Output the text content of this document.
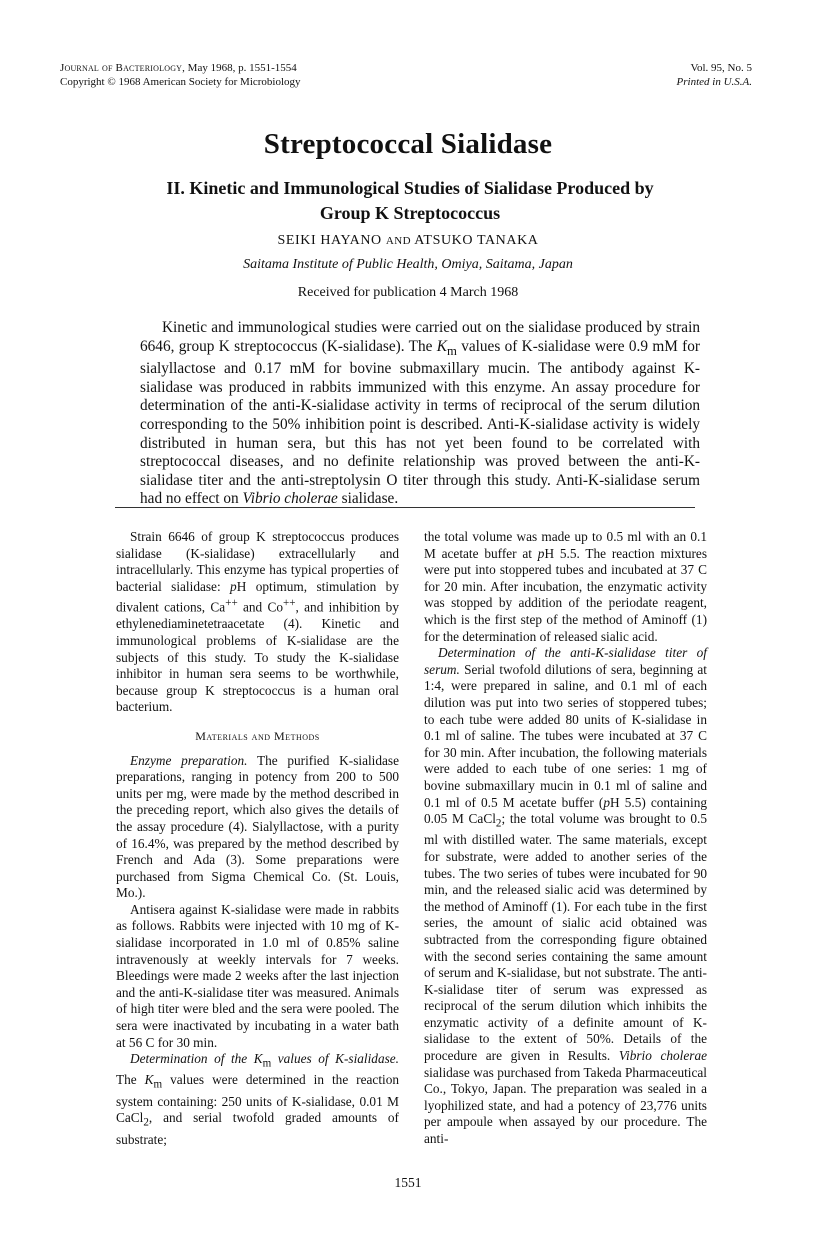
Journal of Bacteriology, May 1968, p. 1551-1554
Copyright © 1968 American Society for Microbiology
Vol. 95, No. 5
Printed in U.S.A.
Streptococcal Sialidase
II. Kinetic and Immunological Studies of Sialidase Produced by Group K Streptococcus
SEIKI HAYANO AND ATSUKO TANAKA
Saitama Institute of Public Health, Omiya, Saitama, Japan
Received for publication 4 March 1968

Kinetic and immunological studies were carried out on the sialidase produced by strain 6646, group K streptococcus (K-sialidase). The $K_m$ values of K-sialidase were 0.9 mM for sialyllactose and 0.17 mM for bovine submaxillary mucin. The antibody against K-sialidase was produced in rabbits immunized with this enzyme. An assay procedure for determination of the anti-K-sialidase activity in terms of reciprocal of the serum dilution corresponding to the 50% inhibition point is described. Anti-K-sialidase activity is widely distributed in human sera, but this has not yet been found to be correlated with streptococcal diseases, and no definite relationship was proved between the anti-K-sialidase titer and the anti-streptolysin O titer through this study. Anti-K-sialidase serum had no effect on Vibrio cholerae sialidase.

Strain 6646 of group K streptococcus produces sialidase (K-sialidase) extracellularly and intracellularly. This enzyme has typical properties of bacterial sialidase: pH optimum, stimulation by divalent cations, Ca++ and Co++, and inhibition by ethylenediaminetetraacetate (4). Kinetic and immunological problems of K-sialidase are the subjects of this study. To study the K-sialidase inhibitor in human sera seems to be worthwhile, because group K streptococcus is a human oral bacterium.

Materials and Methods

Enzyme preparation. The purified K-sialidase preparations, ranging in potency from 200 to 500 units per mg, were made by the method described in the preceding report, which also gives the details of the assay procedure (4). Sialyllactose, with a purity of 16.4%, was prepared by the method described by French and Ada (3). Some preparations were purchased from Sigma Chemical Co. (St. Louis, Mo.).

Antisera against K-sialidase were made in rabbits as follows. Rabbits were injected with 10 mg of K-sialidase incorporated in 1.0 ml of 0.85% saline intravenously at weekly intervals for 7 weeks. Bleedings were made 2 weeks after the last injection and the anti-K-sialidase titer was measured. Animals of high titer were bled and the sera were pooled. The sera were inactivated by incubating in a water bath at 56 C for 30 min.

Determination of the $K_m$ values of K-sialidase. The $K_m$ values were determined in the reaction system containing: 250 units of K-sialidase, 0.01 M CaCl$_2$, and serial twofold graded amounts of substrate;

the total volume was made up to 0.5 ml with an 0.1 M acetate buffer at pH 5.5. The reaction mixtures were put into stoppered tubes and incubated at 37 C for 20 min. After incubation, the enzymatic activity was stopped by addition of the periodate reagent, which is the first step of the method of Aminoff (1) for the determination of released sialic acid.

Determination of the anti-K-sialidase titer of serum. Serial twofold dilutions of sera, beginning at 1:4, were prepared in saline, and 0.1 ml of each dilution was put into two series of stoppered tubes; to each tube were added 80 units of K-sialidase in 0.1 ml of saline. The tubes were incubated at 37 C for 30 min. After incubation, the following materials were added to each tube of one series: 1 mg of bovine submaxillary mucin in 0.1 ml of saline and 0.1 ml of 0.5 M acetate buffer (pH 5.5) containing 0.05 M CaCl$_2$; the total volume was brought to 0.5 ml with distilled water. The same materials, except for substrate, were added to another series of the tubes. The two series of tubes were incubated for 90 min, and the released sialic acid was determined by the method of Aminoff (1). For each tube in the first series, the amount of sialic acid obtained was subtracted from the corresponding figure obtained with the second series containing the same amount of serum and K-sialidase, but not substrate. The anti-K-sialidase titer of serum was expressed as reciprocal of the serum dilution which inhibits the enzymatic activity of a definite amount of K-sialidase to the extent of 50%. Details of the procedure are given in Results. Vibrio cholerae sialidase was purchased from Takeda Pharmaceutical Co., Tokyo, Japan. The preparation was sealed in a lyophilized state, and had a potency of 23,776 units per ampoule when assayed by our procedure. The anti-

1551
